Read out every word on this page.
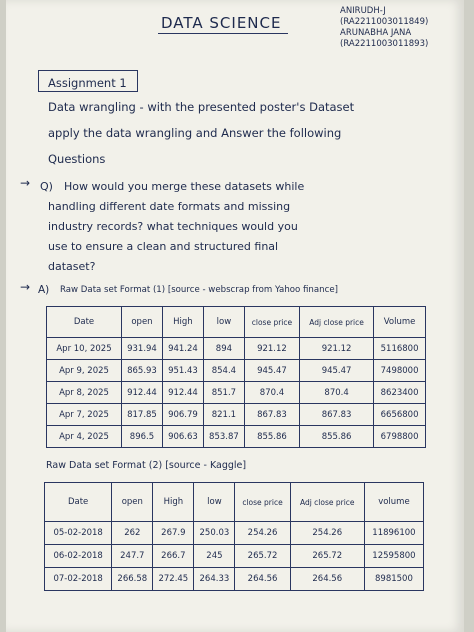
DATA SCIENCE
ANIRUDH-J
(RA2211003011849)
ARUNABHA JANA
(RA2211003011893)
Assignment 1

Data wrangling - with the presented poster's Dataset

apply the data wrangling and Answer the following

Questions

→ Q) How would you merge these datasets while

handling different date formats and missing

industry records? what techniques would you

use to ensure a clean and structured final

dataset?

→ A) Raw Data set Format (1) [source - webscrap from Yahoo finance]

Raw Data set Format (2) [source - Kaggle]

Date	open	High	low	close price	Adj close price	Volume
Apr 10, 2025	931.94	941.24	894	921.12	921.12	5116800
Apr 9, 2025	865.93	951.43	854.4	945.47	945.47	7498000
Apr 8, 2025	912.44	912.44	851.7	870.4	870.4	8623400
Apr 7, 2025	817.85	906.79	821.1	867.83	867.83	6656800
Apr 4, 2025	896.5	906.63	853.87	855.86	855.86	6798800
Date	open	High	low	close price	Adj close price	volume
05-02-2018	262	267.9	250.03	254.26	254.26	11896100
06-02-2018	247.7	266.7	245	265.72	265.72	12595800
07-02-2018	266.58	272.45	264.33	264.56	264.56	8981500
